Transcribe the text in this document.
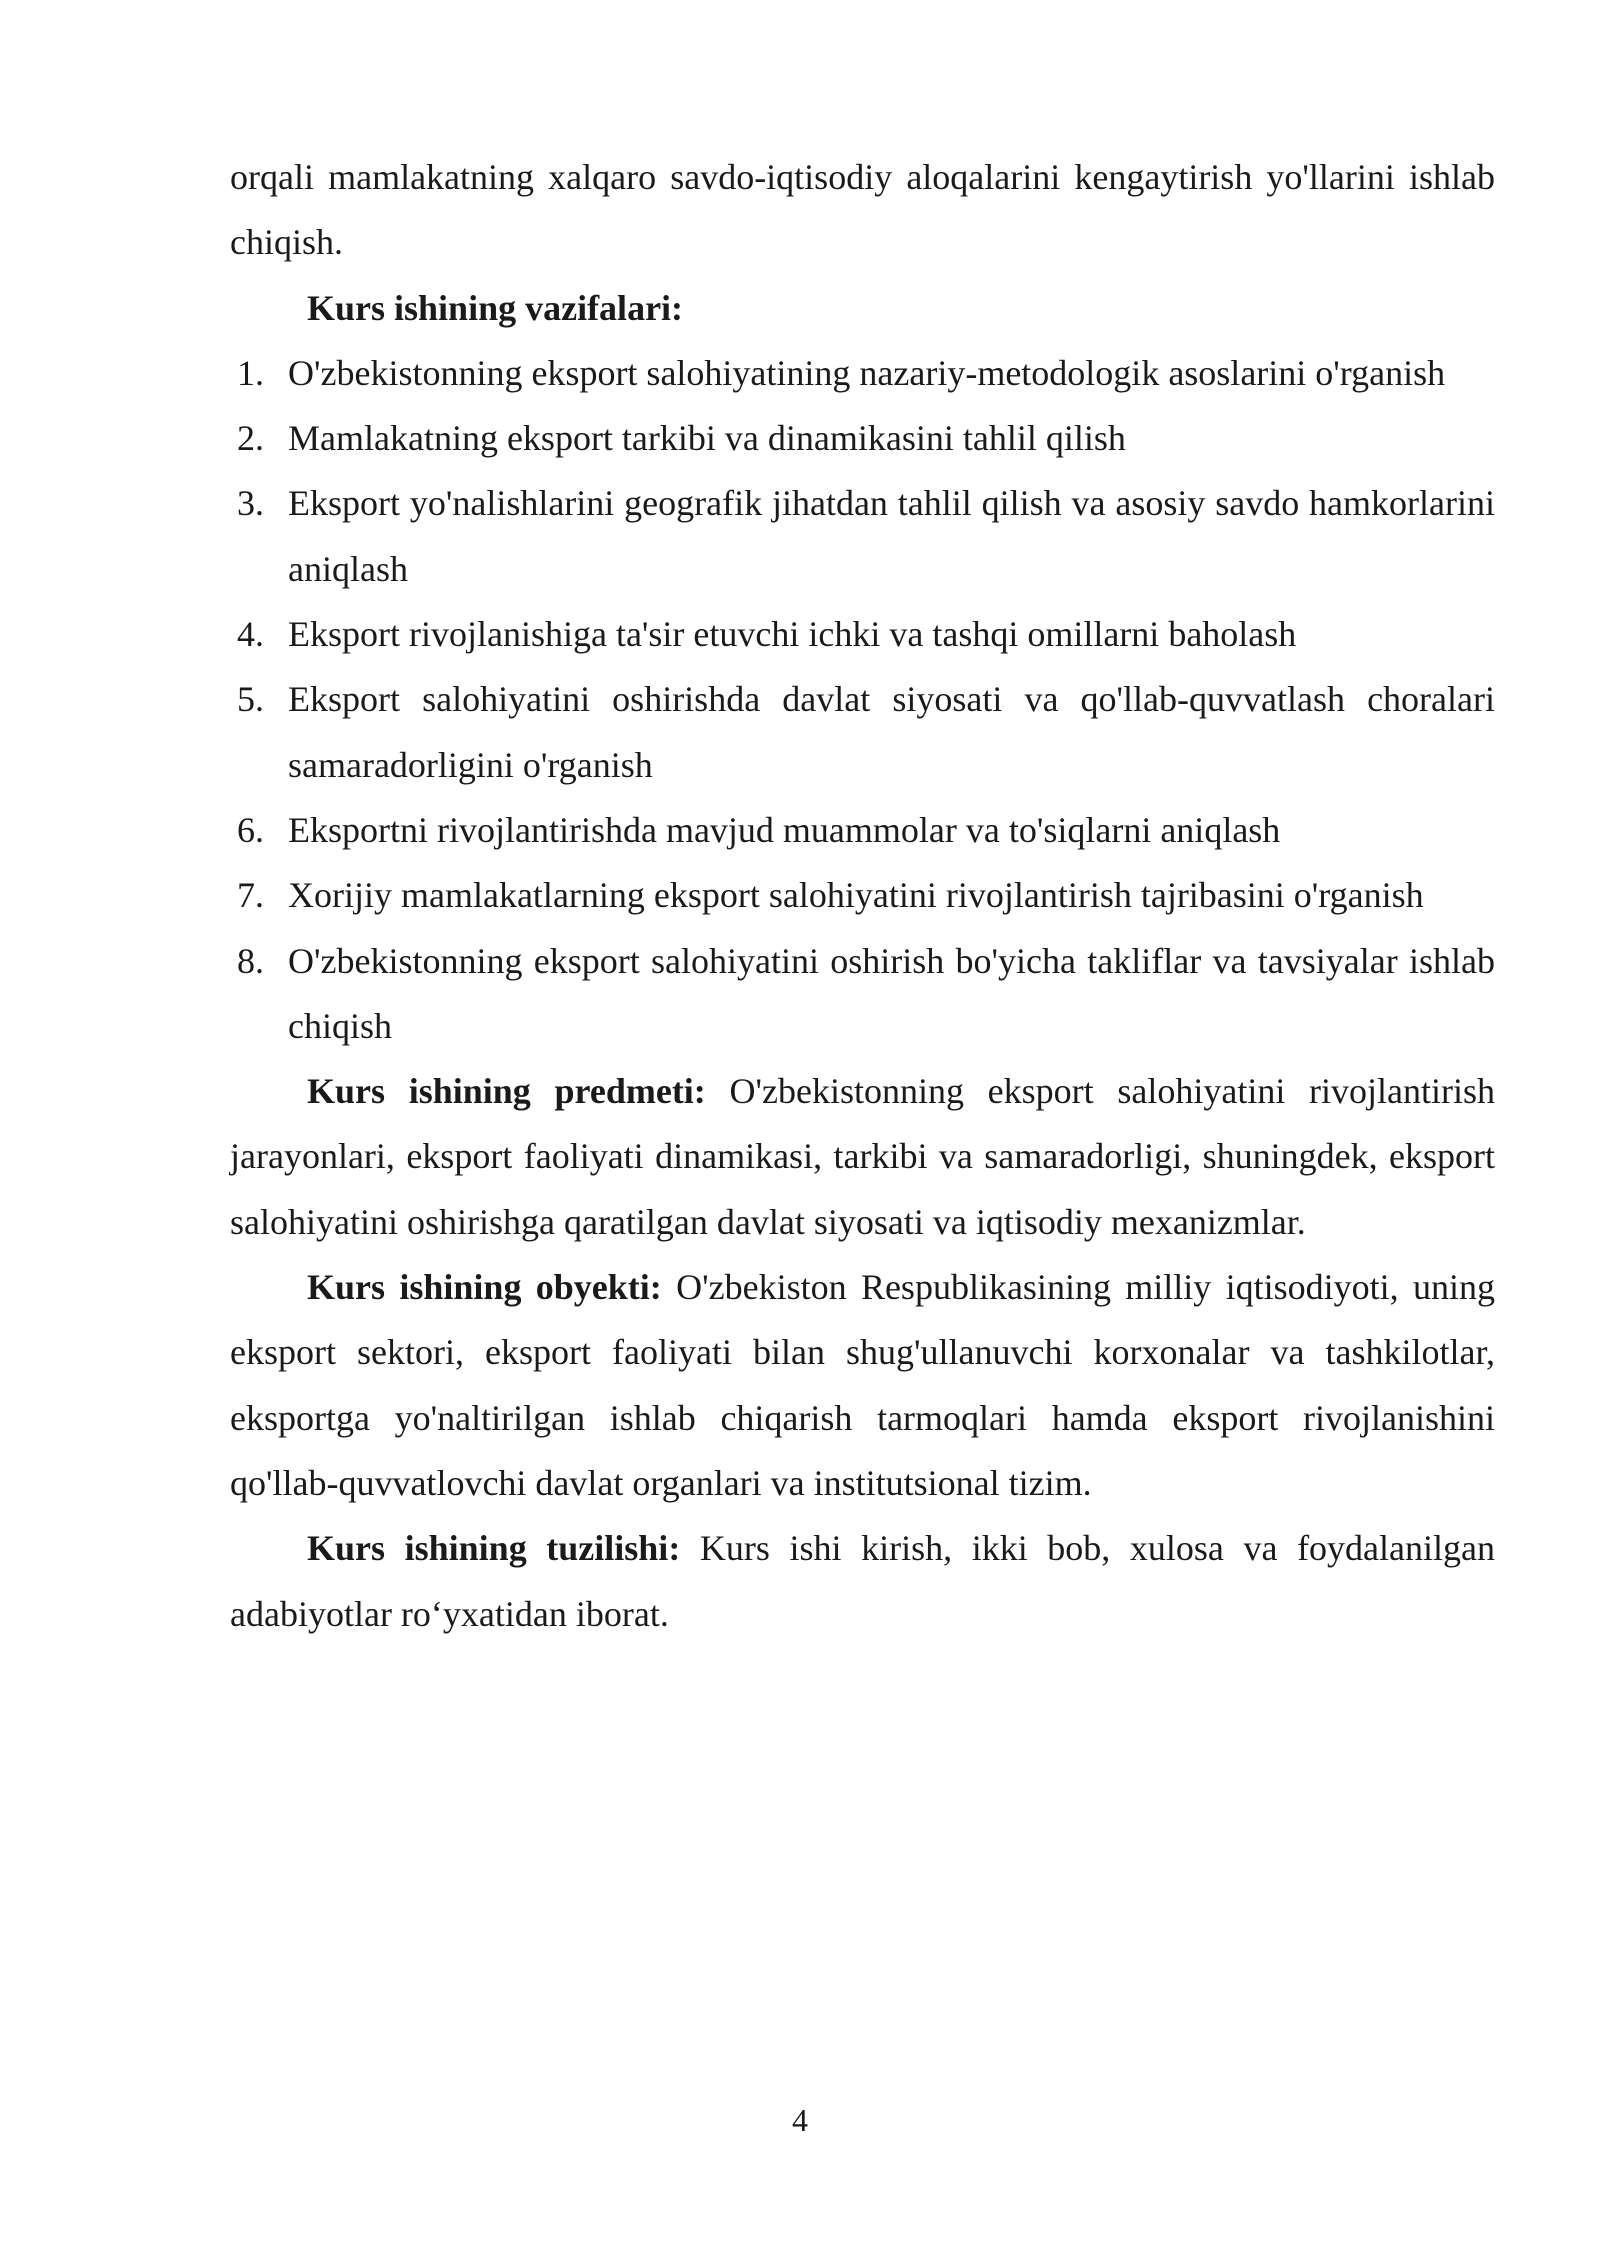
orqali mamlakatning xalqaro savdo-iqtisodiy aloqalarini kengaytirish yo'llarini ishlab chiqish.

Kurs ishining vazifalari:

1. O'zbekistonning eksport salohiyatining nazariy-metodologik asoslarini o'rganish
2. Mamlakatning eksport tarkibi va dinamikasini tahlil qilish
3. Eksport yo'nalishlarini geografik jihatdan tahlil qilish va asosiy savdo hamkorlarini aniqlash
4. Eksport rivojlanishiga ta'sir etuvchi ichki va tashqi omillarni baholash
5. Eksport salohiyatini oshirishda davlat siyosati va qo'llab-quvvatlash choralari samaradorligini o'rganish
6. Eksportni rivojlantirishda mavjud muammolar va to'siqlarni aniqlash
7. Xorijiy mamlakatlarning eksport salohiyatini rivojlantirish tajribasini o'rganish
8. O'zbekistonning eksport salohiyatini oshirish bo'yicha takliflar va tavsiyalar ishlab chiqish

Kurs ishining predmeti: O'zbekistonning eksport salohiyatini rivojlantirish jarayonlari, eksport faoliyati dinamikasi, tarkibi va samaradorligi, shuningdek, eksport salohiyatini oshirishga qaratilgan davlat siyosati va iqtisodiy mexanizmlar.

Kurs ishining obyekti: O'zbekiston Respublikasining milliy iqtisodiyoti, uning eksport sektori, eksport faoliyati bilan shug'ullanuvchi korxonalar va tashkilotlar, eksportga yo'naltirilgan ishlab chiqarish tarmoqlari hamda eksport rivojlanishini qo'llab-quvvatlovchi davlat organlari va institutsional tizim.

Kurs ishining tuzilishi: Kurs ishi kirish, ikki bob, xulosa va foydalanilgan adabiyotlar ro‘yxatidan iborat.

4
